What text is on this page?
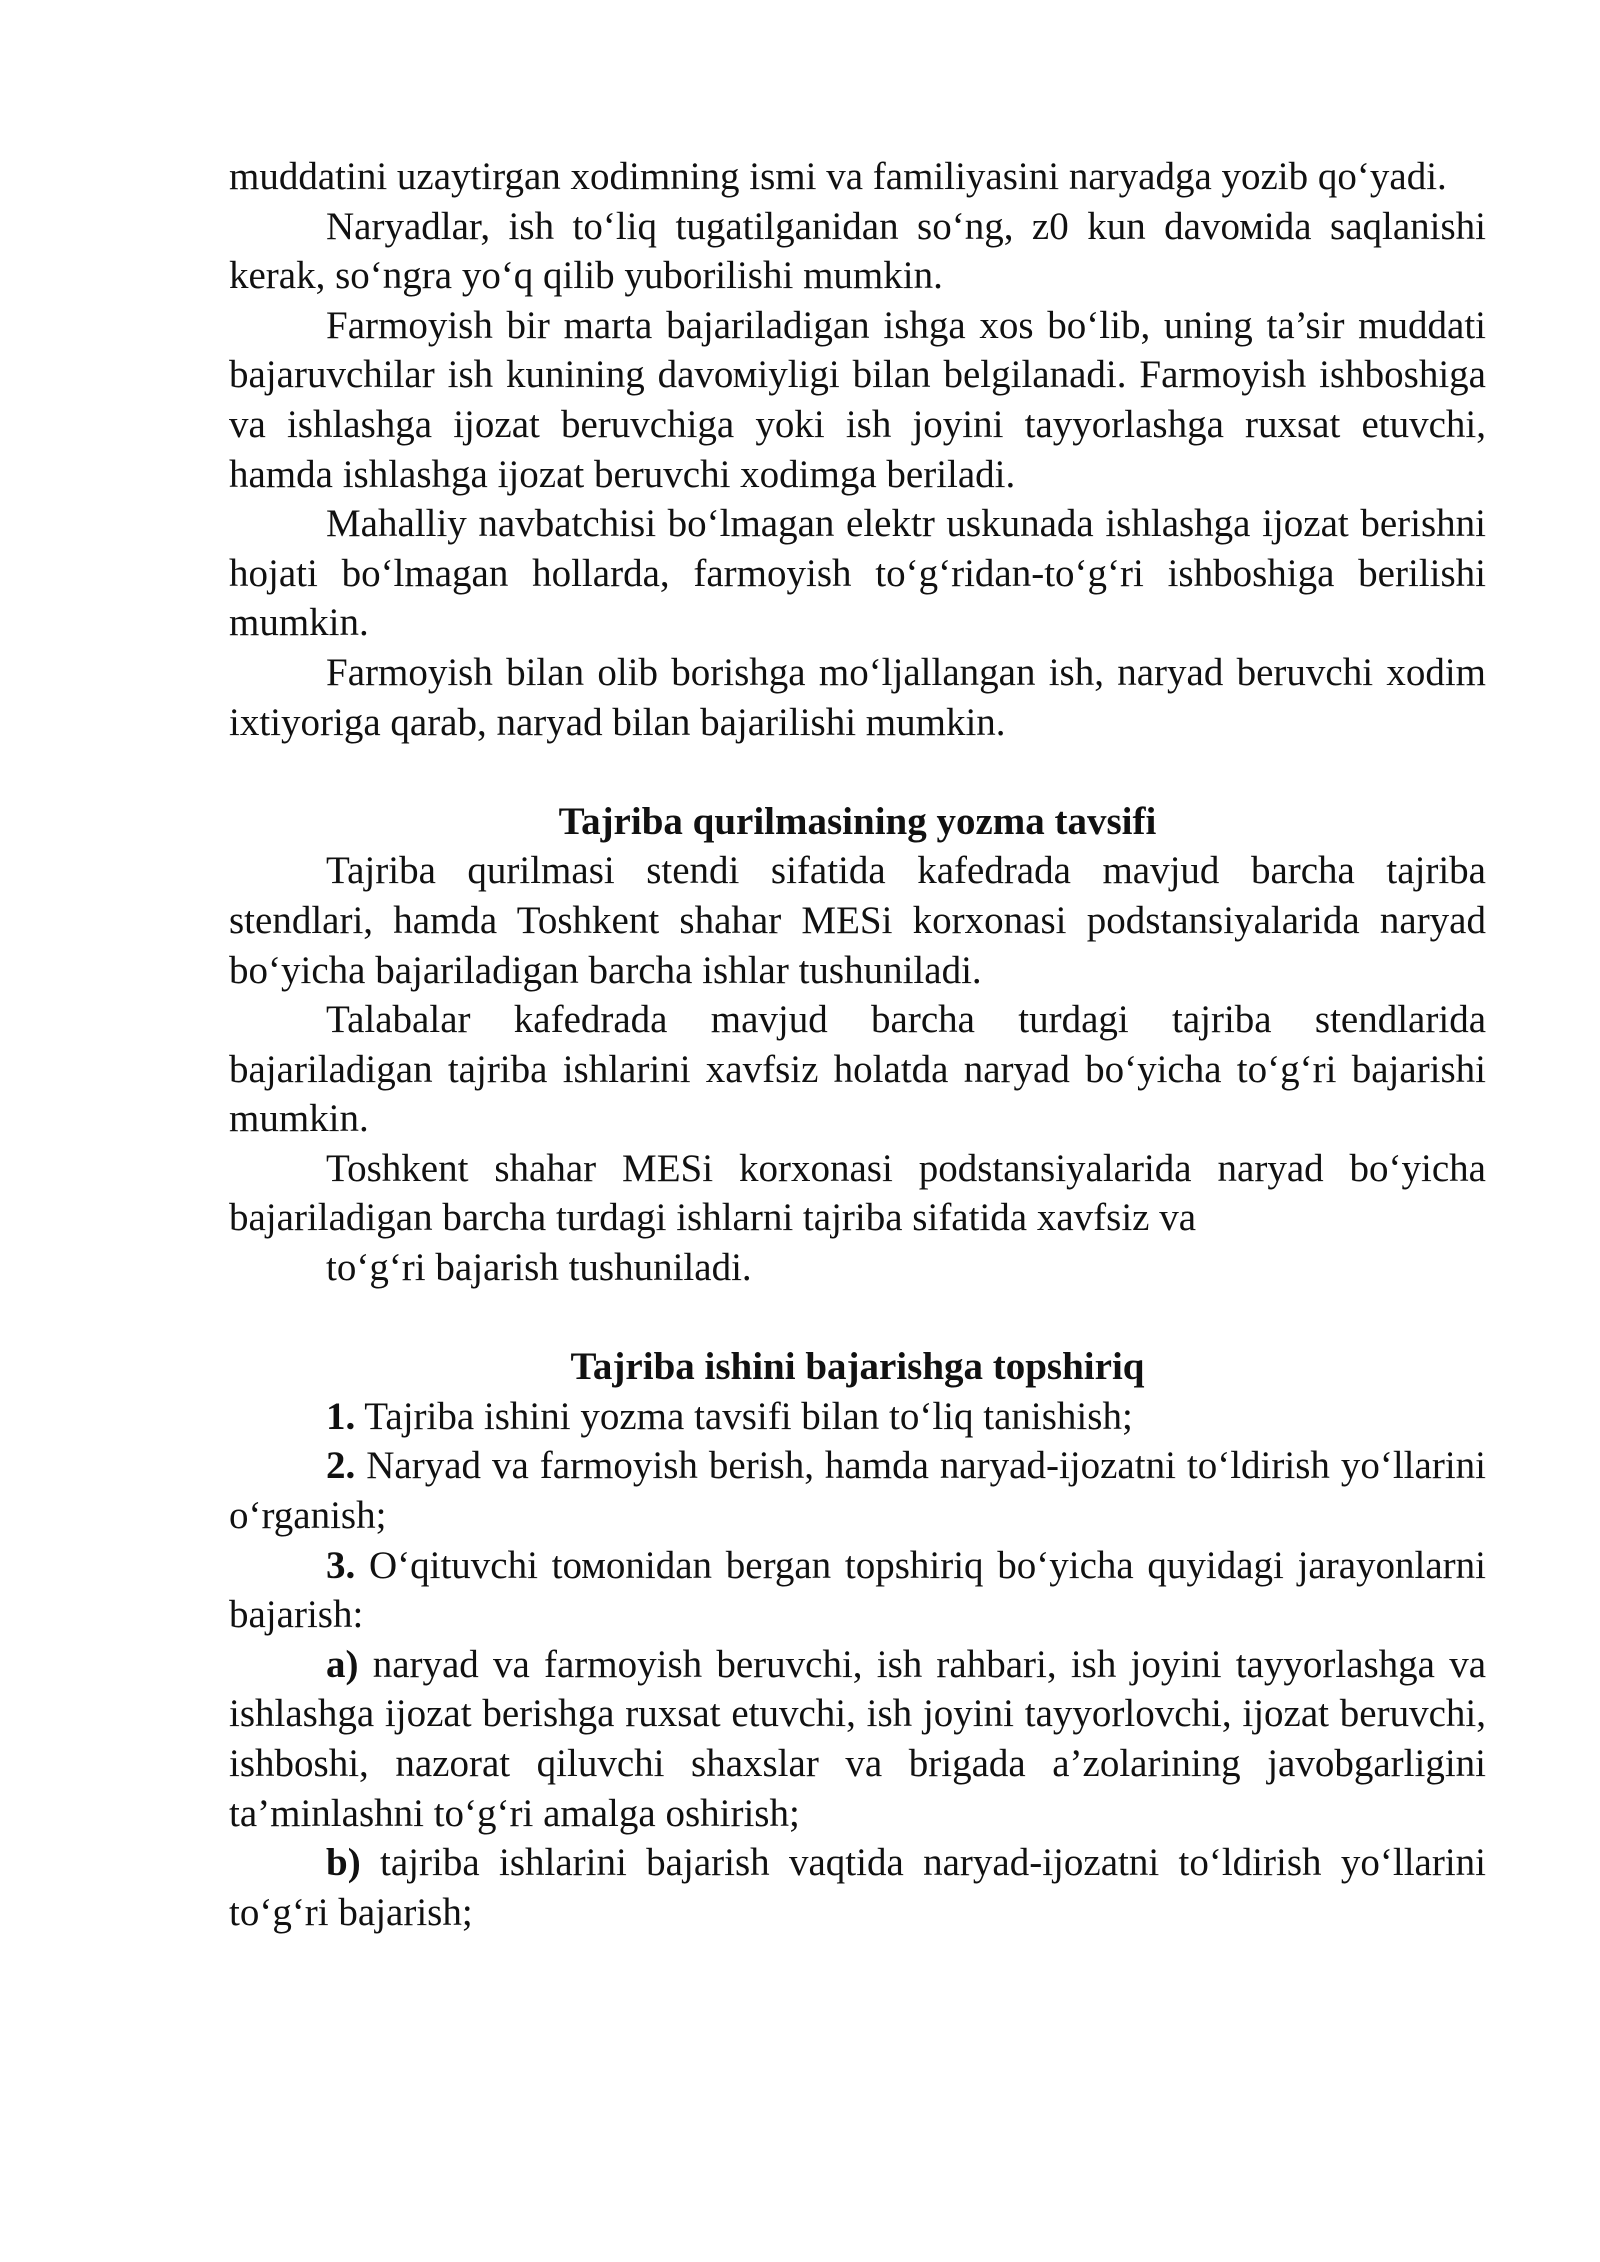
muddatini uzaytirgan xodimning ismi va familiyasini naryadga yozib qo‘yadi.

Naryadlar, ish to‘liq tugatilganidan so‘ng, z0 kun davомida saqlanishi kerak, so‘ngra yo‘q qilib yuborilishi mumkin.

Farmoyish bir marta bajariladigan ishga xos bo‘lib, uning ta’sir muddati bajaruvchilar ish kunining davомiyligi bilan belgilanadi. Farmoyish ishboshiga va ishlashga ijozat beruvchiga yoki ish joyini tayyorlashga ruxsat etuvchi, hamda ishlashga ijozat beruvchi xodimga beriladi.

Mahalliy navbatchisi bo‘lmagan elektr uskunada ishlashga ijozat berishni hojati bo‘lmagan hollarda, farmoyish to‘g‘ridan-to‘g‘ri ishboshiga berilishi mumkin.

Farmoyish bilan olib borishga mo‘ljallangan ish, naryad beruvchi xodim ixtiyoriga qarab, naryad bilan bajarilishi mumkin.

Tajriba qurilmasining yozma tavsifi

Tajriba qurilmasi stendi sifatida kafedrada mavjud barcha tajriba stendlari, hamda Toshkent shahar MESi korxonasi podstansiyalarida naryad bo‘yicha bajariladigan barcha ishlar tushuniladi.

Talabalar kafedrada mavjud barcha turdagi tajriba stendlarida bajariladigan tajriba ishlarini xavfsiz holatda naryad bo‘yicha to‘g‘ri bajarishi mumkin.

Toshkent shahar MESi korxonasi podstansiyalarida naryad bo‘yicha bajariladigan barcha turdagi ishlarni tajriba sifatida xavfsiz va

to‘g‘ri bajarish tushuniladi.

Tajriba ishini bajarishga topshiriq

1. Tajriba ishini yozma tavsifi bilan to‘liq tanishish;

2. Naryad va farmoyish berish, hamda naryad-ijozatni to‘ldirish yo‘llarini o‘rganish;

3. O‘qituvchi tомonidan bergan topshiriq bo‘yicha quyidagi jarayonlarni bajarish:

a) naryad va farmoyish beruvchi, ish rahbari, ish joyini tayyorlashga va ishlashga ijozat berishga ruxsat etuvchi, ish joyini tayyorlovchi, ijozat beruvchi, ishboshi, nazorat qiluvchi shaxslar va brigada a’zolarining javobgarligini ta’minlashni to‘g‘ri amalga oshirish;

b) tajriba ishlarini bajarish vaqtida naryad-ijozatni to‘ldirish yo‘llarini to‘g‘ri bajarish;
